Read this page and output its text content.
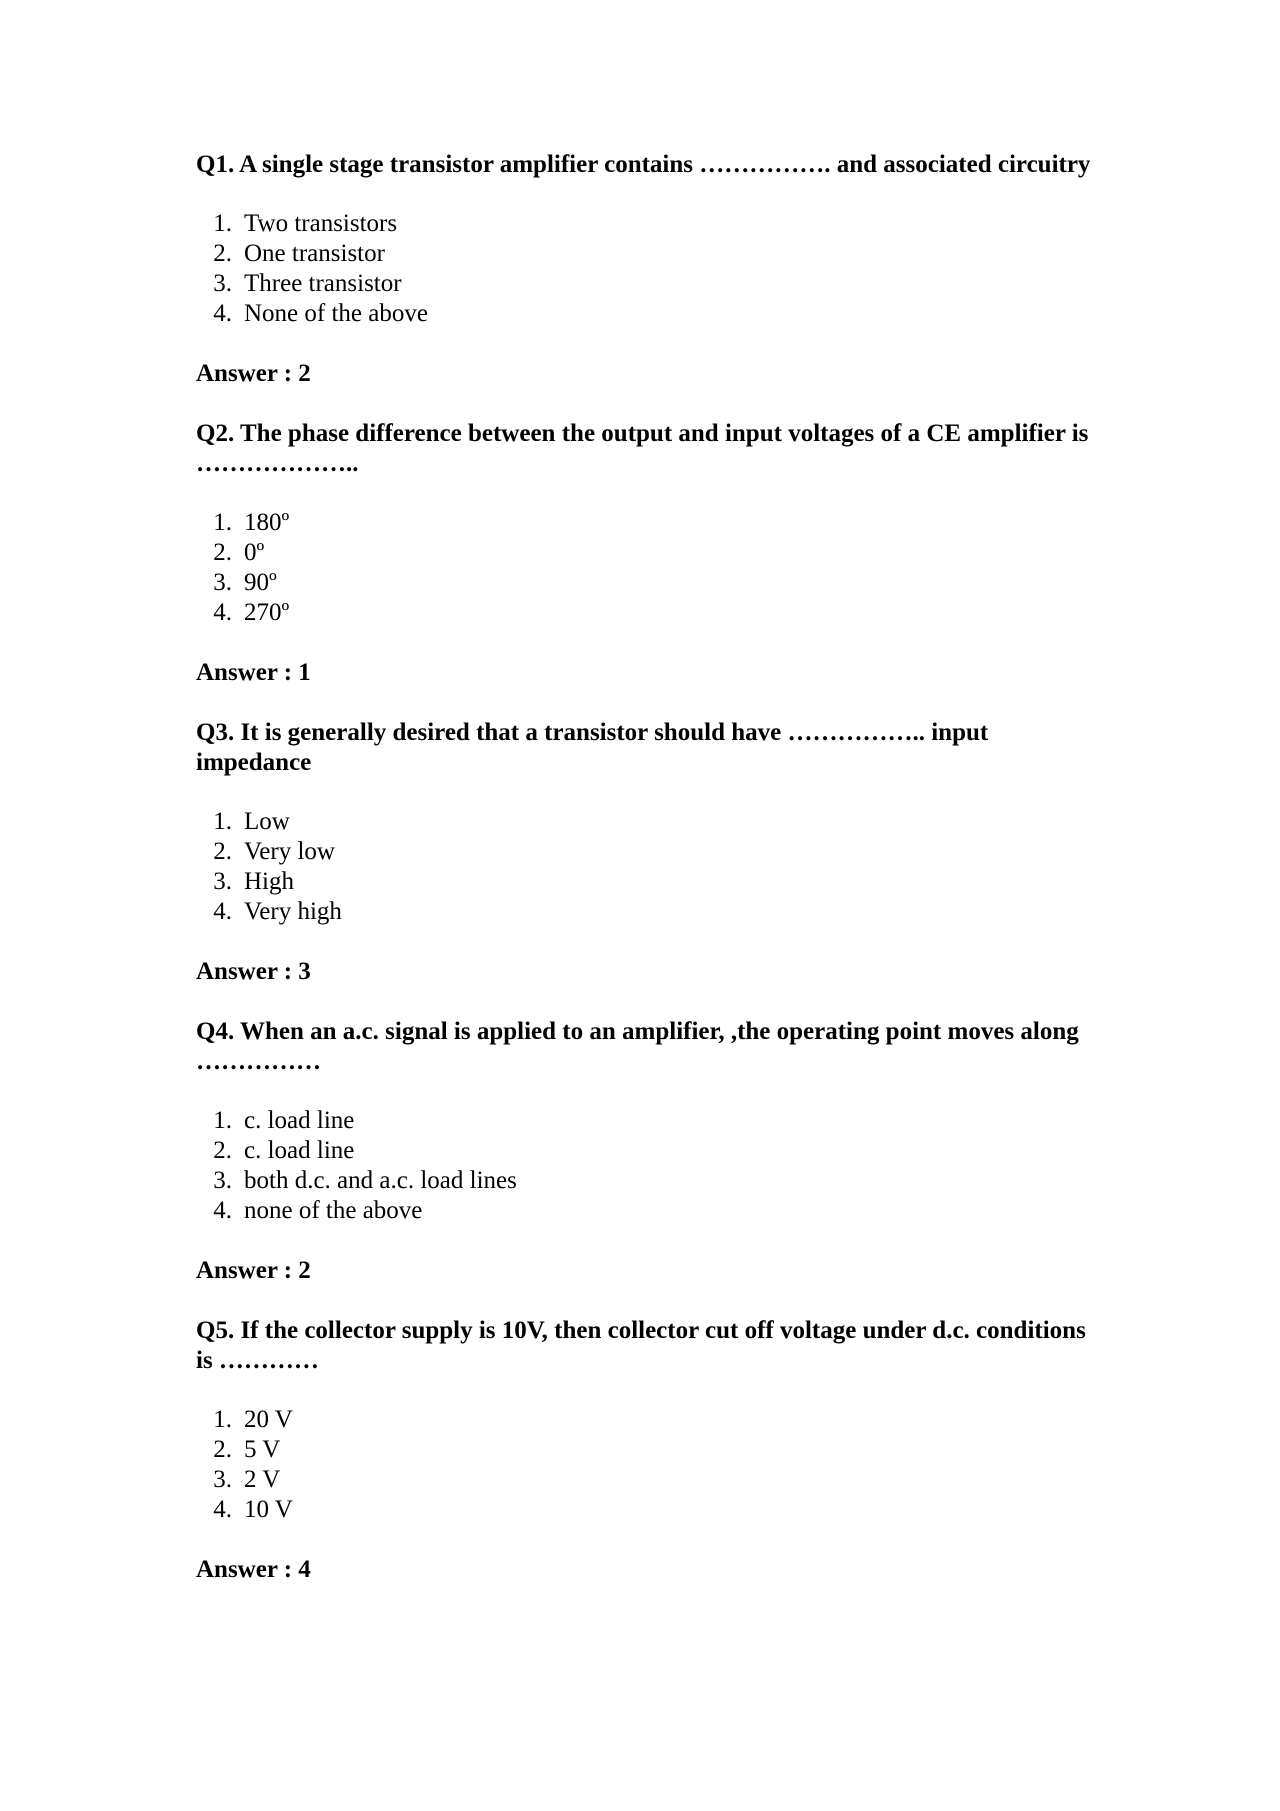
Q1. A single stage transistor amplifier contains ……………. and associated circuitry

1. Two transistors
2. One transistor
3. Three transistor
4. None of the above

Answer : 2

Q2. The phase difference between the output and input voltages of a CE amplifier is ………………..

1. 180º
2. 0º
3. 90º
4. 270º

Answer : 1

Q3. It is generally desired that a transistor should have …………….. input impedance

1. Low
2. Very low
3. High
4. Very high

Answer : 3

Q4. When an a.c. signal is applied to an amplifier, ,the operating point moves along ……………

1. c. load line
2. c. load line
3. both d.c. and a.c. load lines
4. none of the above

Answer : 2

Q5. If the collector supply is 10V, then collector cut off voltage under d.c. conditions is …………

1. 20 V
2. 5 V
3. 2 V
4. 10 V

Answer : 4
